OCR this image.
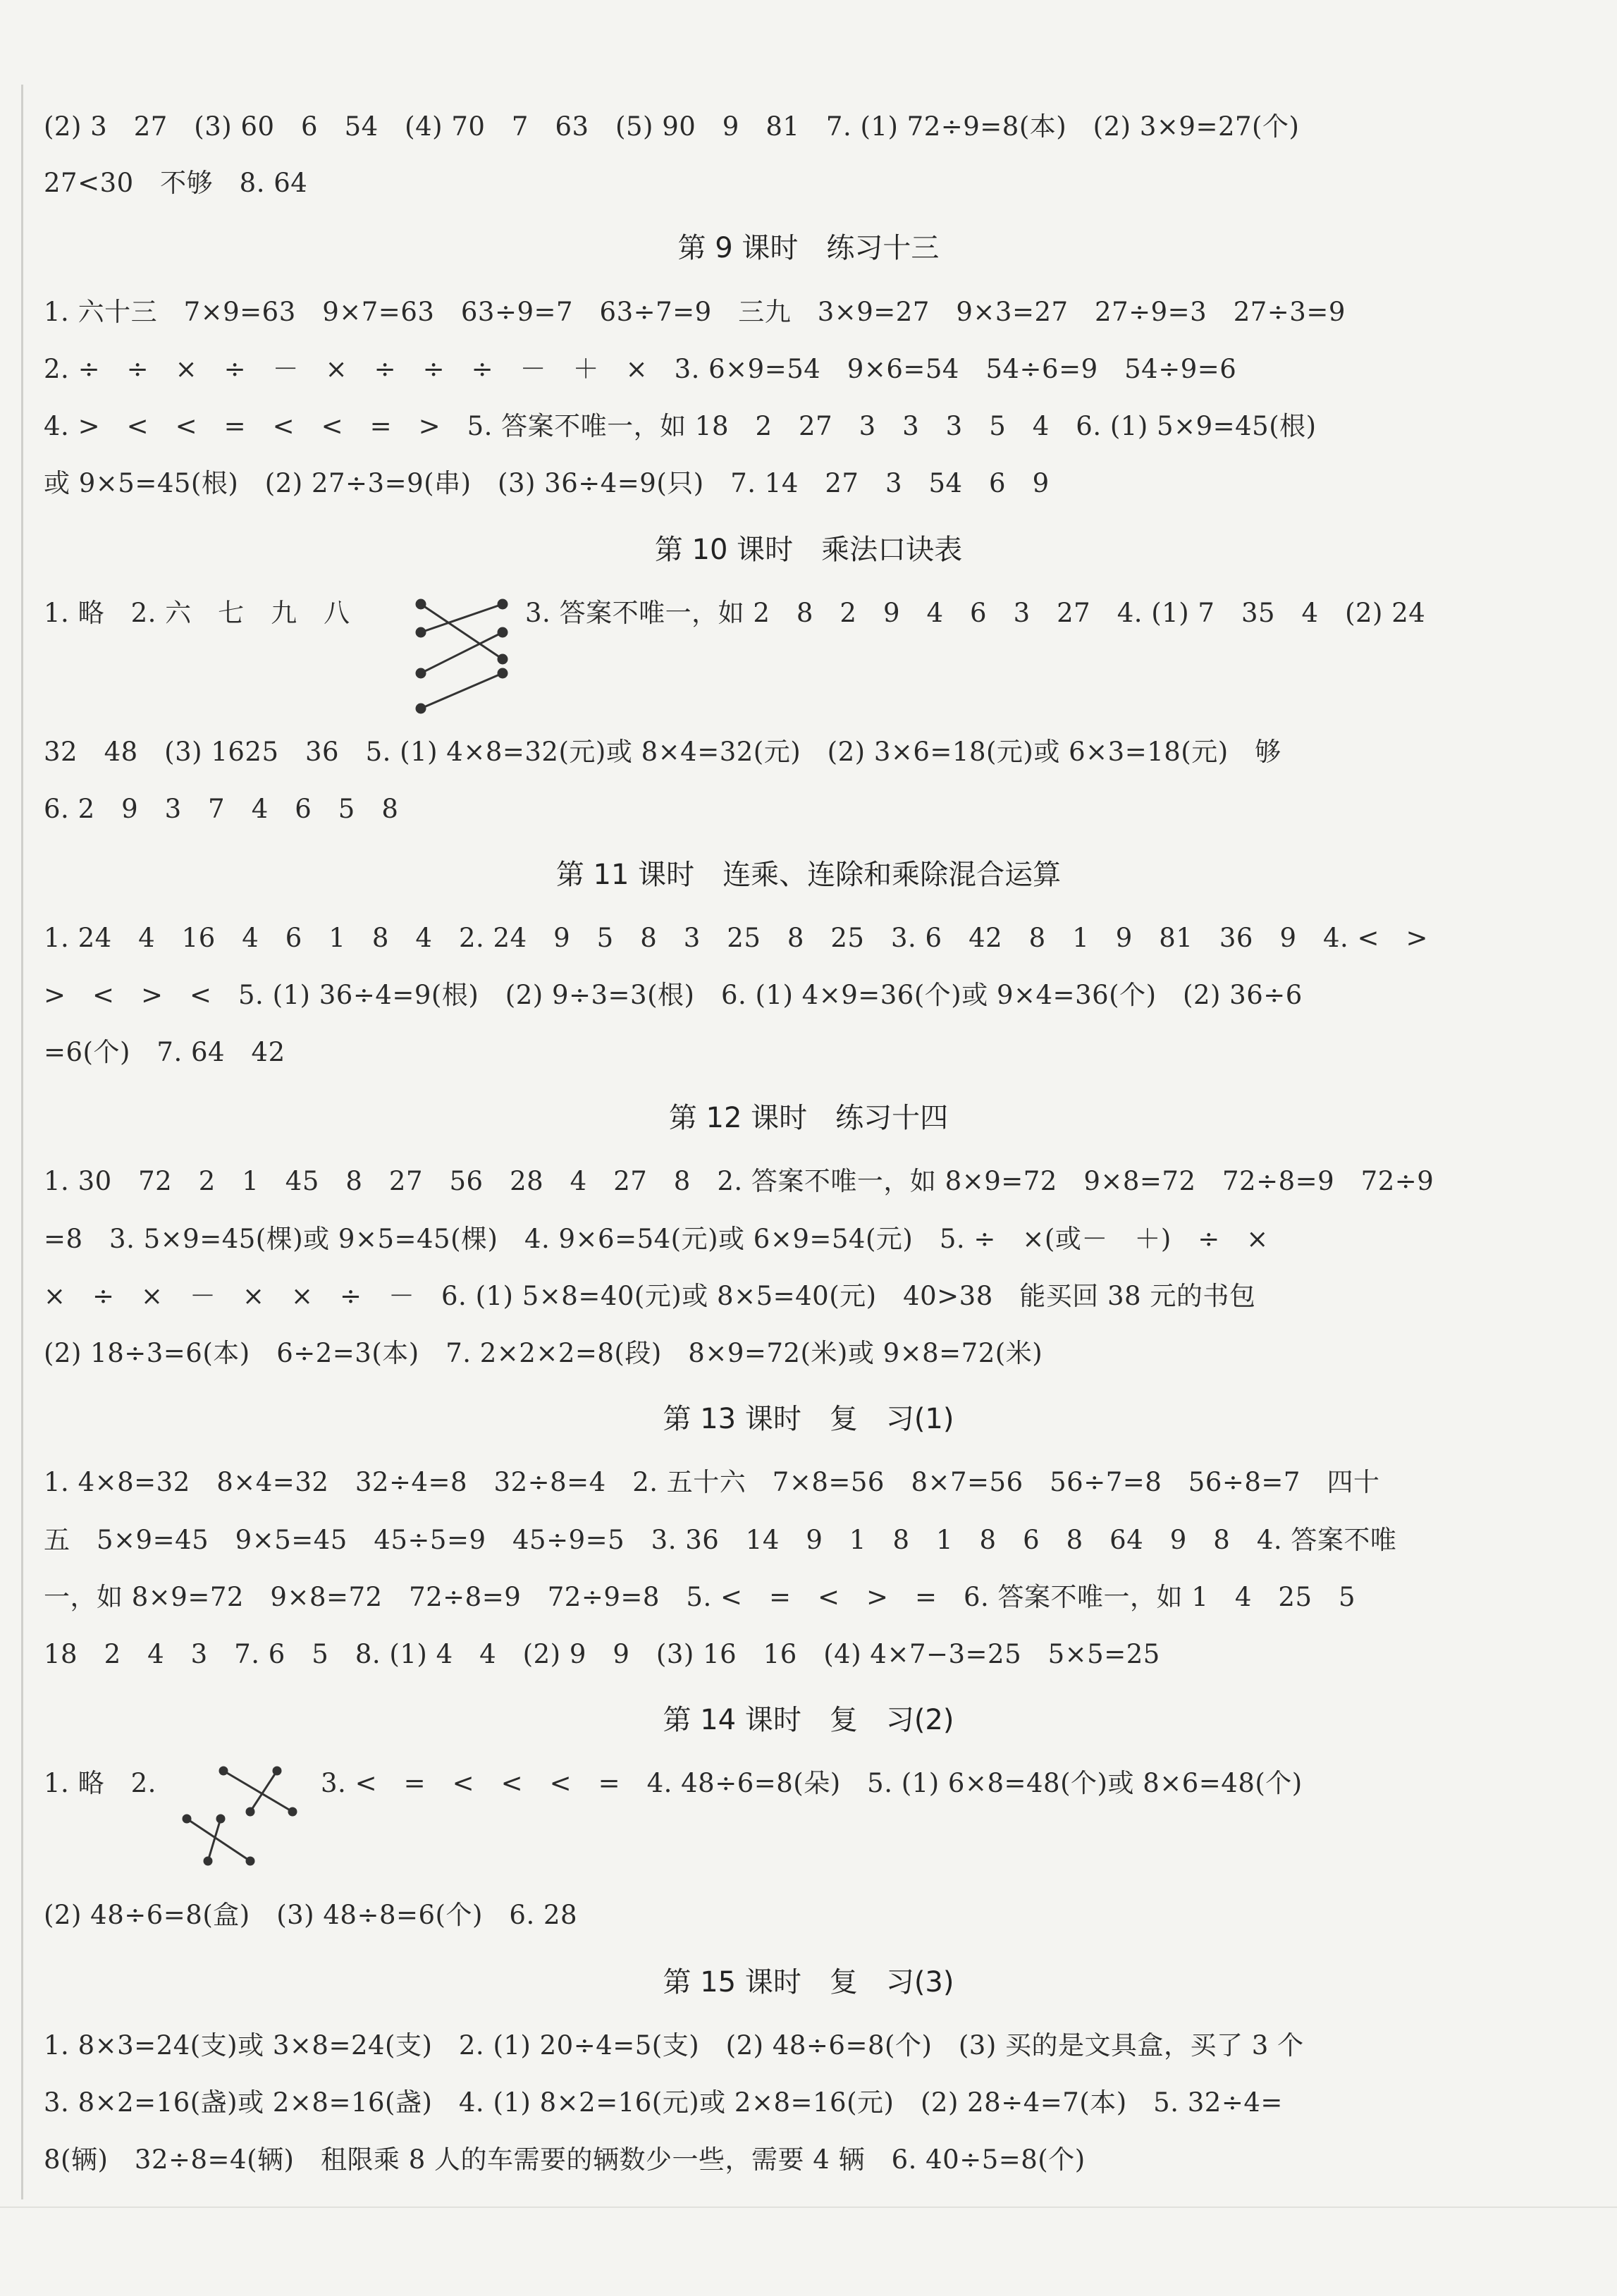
(2) 3　27　(3) 60　6　54　(4) 70　7　63　(5) 90　9　81　7. (1) 72÷9=8(本)　(2) 3×9=27(个)
27<30　不够　8. 64
第 9 课时　练习十三
1. 六十三　7×9=63　9×7=63　63÷9=7　63÷7=9　三九　3×9=27　9×3=27　27÷9=3　27÷3=9
2. ÷　÷　×　÷　－　×　÷　÷　÷　－　＋　×　3. 6×9=54　9×6=54　54÷6=9　54÷9=6
4. >　<　<　=　<　<　=　>　5. 答案不唯一，如 18　2　27　3　3　3　5　4　6. (1) 5×9=45(根)
或 9×5=45(根)　(2) 27÷3=9(串)　(3) 36÷4=9(只)　7. 14　27　3　54　6　9
第 10 课时　乘法口诀表
1. 略　2. 六　七　九　八	3. 答案不唯一，如 2　8　2　9　4　6　3　27　4. (1) 7　35　4　(2) 24
32　48　(3) 1625　36　5. (1) 4×8=32(元)或 8×4=32(元)　(2) 3×6=18(元)或 6×3=18(元)　够
6. 2　9　3　7　4　6　5　8
第 11 课时　连乘、连除和乘除混合运算
1. 24　4　16　4　6　1　8　4　2. 24　9　5　8　3　25　8　25　3. 6　42　8　1　9　81　36　9　4. <　>
>　<　>　<　5. (1) 36÷4=9(根)　(2) 9÷3=3(根)　6. (1) 4×9=36(个)或 9×4=36(个)　(2) 36÷6
=6(个)　7. 64　42
第 12 课时　练习十四
1. 30　72　2　1　45　8　27　56　28　4　27　8　2. 答案不唯一，如 8×9=72　9×8=72　72÷8=9　72÷9
=8　3. 5×9=45(棵)或 9×5=45(棵)　4. 9×6=54(元)或 6×9=54(元)　5. ÷　×(或－　＋)　÷　×
×　÷　×　－　×　×　÷　－　6. (1) 5×8=40(元)或 8×5=40(元)　40>38　能买回 38 元的书包
(2) 18÷3=6(本)　6÷2=3(本)　7. 2×2×2=8(段)　8×9=72(米)或 9×8=72(米)
第 13 课时　复　习(1)
1. 4×8=32　8×4=32　32÷4=8　32÷8=4　2. 五十六　7×8=56　8×7=56　56÷7=8　56÷8=7　四十
五　5×9=45　9×5=45　45÷5=9　45÷9=5　3. 36　14　9　1　8　1　8　6　8　64　9　8　4. 答案不唯
一，如 8×9=72　9×8=72　72÷8=9　72÷9=8　5. <　=　<　>　=　6. 答案不唯一，如 1　4　25　5
18　2　4　3　7. 6　5　8. (1) 4　4　(2) 9　9　(3) 16　16　(4) 4×7−3=25　5×5=25
第 14 课时　复　习(2)
1. 略　2.	3. <　=　<　<　<　=　4. 48÷6=8(朵)　5. (1) 6×8=48(个)或 8×6=48(个)
(2) 48÷6=8(盒)　(3) 48÷8=6(个)　6. 28
第 15 课时　复　习(3)
1. 8×3=24(支)或 3×8=24(支)　2. (1) 20÷4=5(支)　(2) 48÷6=8(个)　(3) 买的是文具盒，买了 3 个
3. 8×2=16(盏)或 2×8=16(盏)　4. (1) 8×2=16(元)或 2×8=16(元)　(2) 28÷4=7(本)　5. 32÷4=
8(辆)　32÷8=4(辆)　租限乘 8 人的车需要的辆数少一些，需要 4 辆　6. 40÷5=8(个)
